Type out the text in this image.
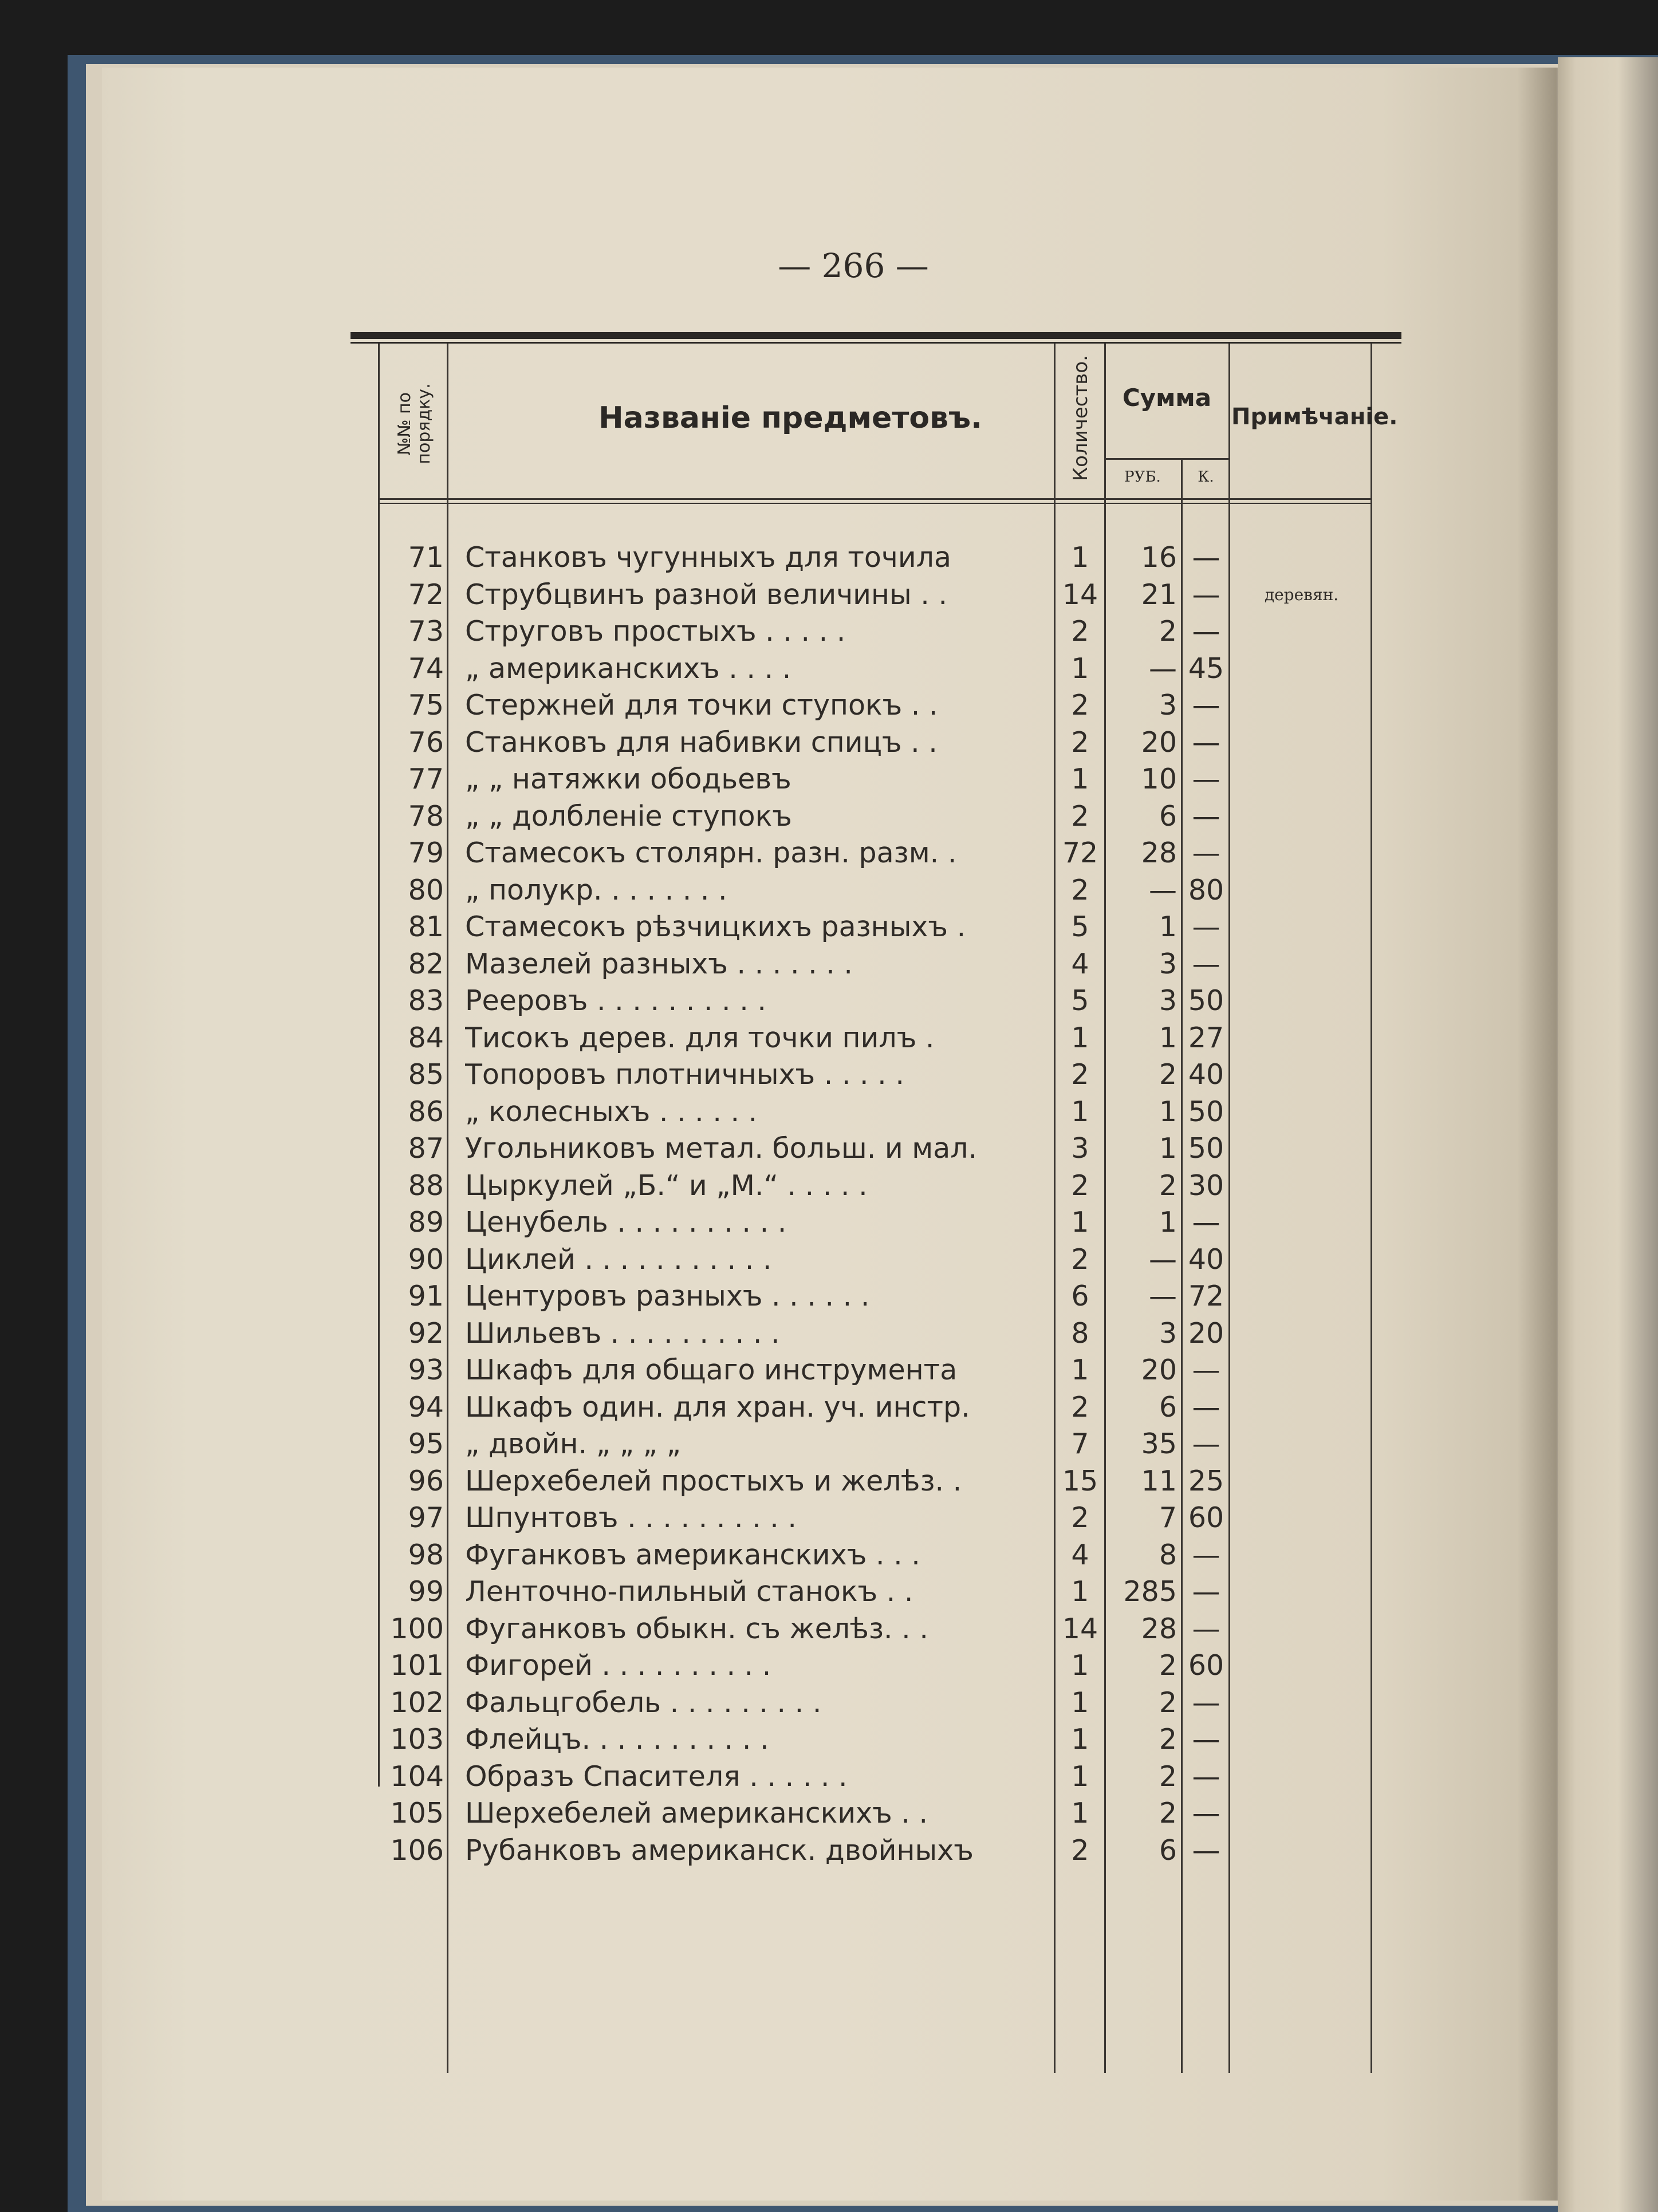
— 266 —
№№ по порядку.	Названіе предметовъ.	Количество.	Сумма
РУБ.	К.
Примѣчаніе.
71 Станковъ чугунныхъ для точила	1	16 —
72 Струбцвинъ разной величины . .	14	21 —	деревян.
73 Струговъ простыхъ . . . . .	2	2 —
74 „ американскихъ . . . .	1	— 45
75 Стержней для точки ступокъ . .	2	3 —
76 Станковъ для набивки спицъ . .	2	20 —
77 „ „ натяжки ободьевъ	1	10 —
78 „ „ долбленіе ступокъ	2	6 —
79 Стамесокъ столярн. разн. разм. .	72	28 —
80 „ полукр. . . . . . . .	2	— 80
81 Стамесокъ рѣзчицкихъ разныхъ .	5	1 —
82 Мазелей разныхъ . . . . . . .	4	3 —
83 Рееровъ . . . . . . . . . .	5	3 50
84 Тисокъ дерев. для точки пилъ .	1	1 27
85 Топоровъ плотничныхъ . . . . .	2	2 40
86 „ колесныхъ . . . . . .	1	1 50
87 Угольниковъ метал. больш. и мал.	3	1 50
88 Цыркулей „Б.“ и „М.“ . . . . .	2	2 30
89 Ценубель . . . . . . . . . .	1	1 —
90 Циклей . . . . . . . . . . .	2	— 40
91 Центуровъ разныхъ . . . . . .	6	— 72
92 Шильевъ . . . . . . . . . .	8	3 20
93 Шкафъ для общаго инструмента	1	20 —
94 Шкафъ один. для хран. уч. инстр.	2	6 —
95 „ двойн. „ „ „ „	7	35 —
96 Шерхебелей простыхъ и желѣз. .	15	11 25
97 Шпунтовъ . . . . . . . . . .	2	7 60
98 Фуганковъ американскихъ . . .	4	8 —
99 Ленточно-пильный станокъ . .	1	285 —
100 Фуганковъ обыкн. съ желѣз. . .	14	28 —
101 Фигорей . . . . . . . . . .	1	2 60
102 Фальцгобель . . . . . . . . .	1	2 —
103 Флейцъ. . . . . . . . . . .	1	2 —
104 Образъ Спасителя . . . . . .	1	2 —
105 Шерхебелей американскихъ . .	1	2 —
106 Рубанковъ американск. двойныхъ	2	6 —
